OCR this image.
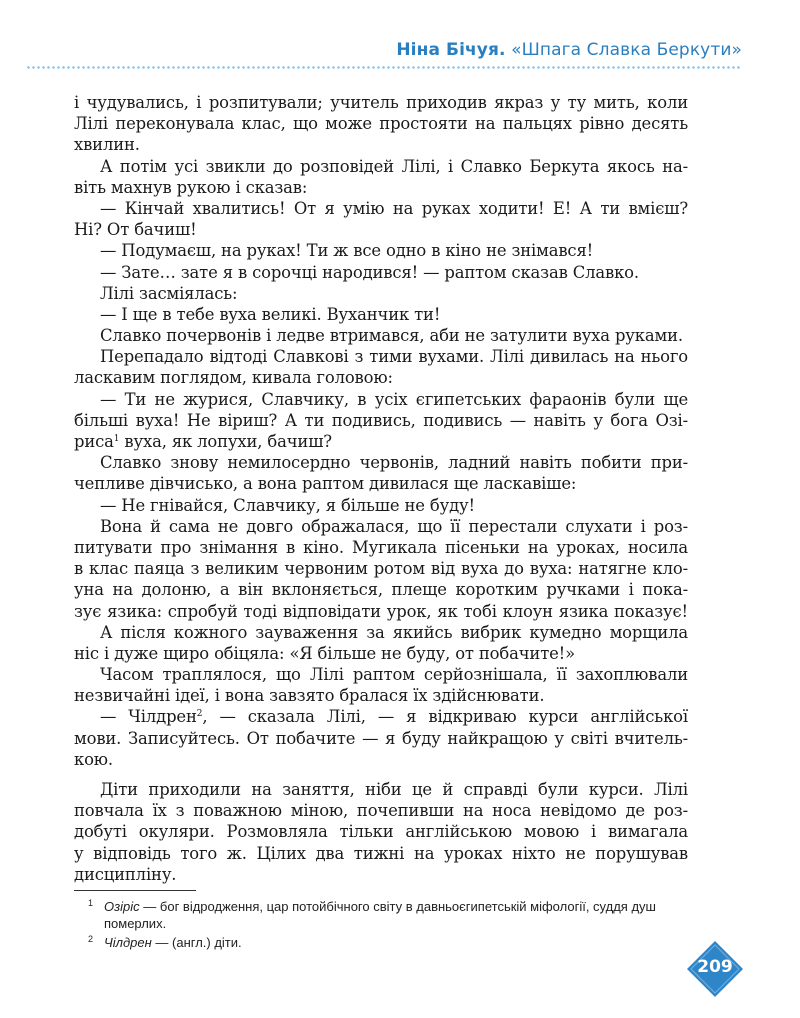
Ніна Бічуя. «Шпага Славка Беркути»
і чудувались, і розпитували; учитель приходив якраз у ту мить, коли
Лілі переконувала клас, що може простояти на пальцях рівно десять
хвилин.
А потім усі звикли до розповідей Лілі, і Славко Беркута якось на-
віть махнув рукою і сказав:
— Кінчай хвалитись! От я умію на руках ходити! Е! А ти вмієш?
Ні? От бачиш!
— Подумаєш, на руках! Ти ж все одно в кіно не знімався!
— Зате… зате я в сорочці народився! — раптом сказав Славко.
Лілі засміялась:
— І ще в тебе вуха великі. Вуханчик ти!
Славко почервонів і ледве втримався, аби не затулити вуха руками.
Перепадало відтоді Славкові з тими вухами. Лілі дивилась на нього
ласкавим поглядом, кивала головою:
— Ти не журися, Славчику, в усіх єгипетських фараонів були ще
більші вуха! Не віриш? А ти подивись, подивись — навіть у бога Озі-
риса$^1$ вуха, як лопухи, бачиш?
Славко знову немилосердно червонів, ладний навіть побити при-
чепливе дівчисько, а вона раптом дивилася ще ласкавіше:
— Не гнівайся, Славчику, я більше не буду!
Вона й сама не довго ображалася, що її перестали слухати і роз-
питувати про знімання в кіно. Мугикала пісеньки на уроках, носила
в клас паяца з великим червоним ротом від вуха до вуха: натягне кло-
уна на долоню, а він вклоняється, плеще коротким ручками і пока-
зує язика: спробуй тоді відповідати урок, як тобі клоун язика показує!
А після кожного зауваження за якийсь вибрик кумедно морщила
ніс і дуже щиро обіцяла: «Я більше не буду, от побачите!»
Часом траплялося, що Лілі раптом серйознішала, її захоплювали
незвичайні ідеї, і вона завзято бралася їх здійснювати.
— Чілдрен$^2$, — сказала Лілі, — я відкриваю курси англійської
мови. Записуйтесь. От побачите — я буду найкращою у світі вчитель-
кою.
Діти приходили на заняття, ніби це й справді були курси. Лілі
повчала їх з поважною міною, почепивши на носа невідомо де роз-
добуті окуляри. Розмовляла тільки англійською мовою і вимагала
у відповідь того ж. Цілих два тижні на уроках ніхто не порушував
дисципліну.
1 Озіріс — бог відродження, цар потойбічного світу в давньоєгипетській міфології, суддя душ
померлих.
2 Чілдрен — (англ.) діти.
209
